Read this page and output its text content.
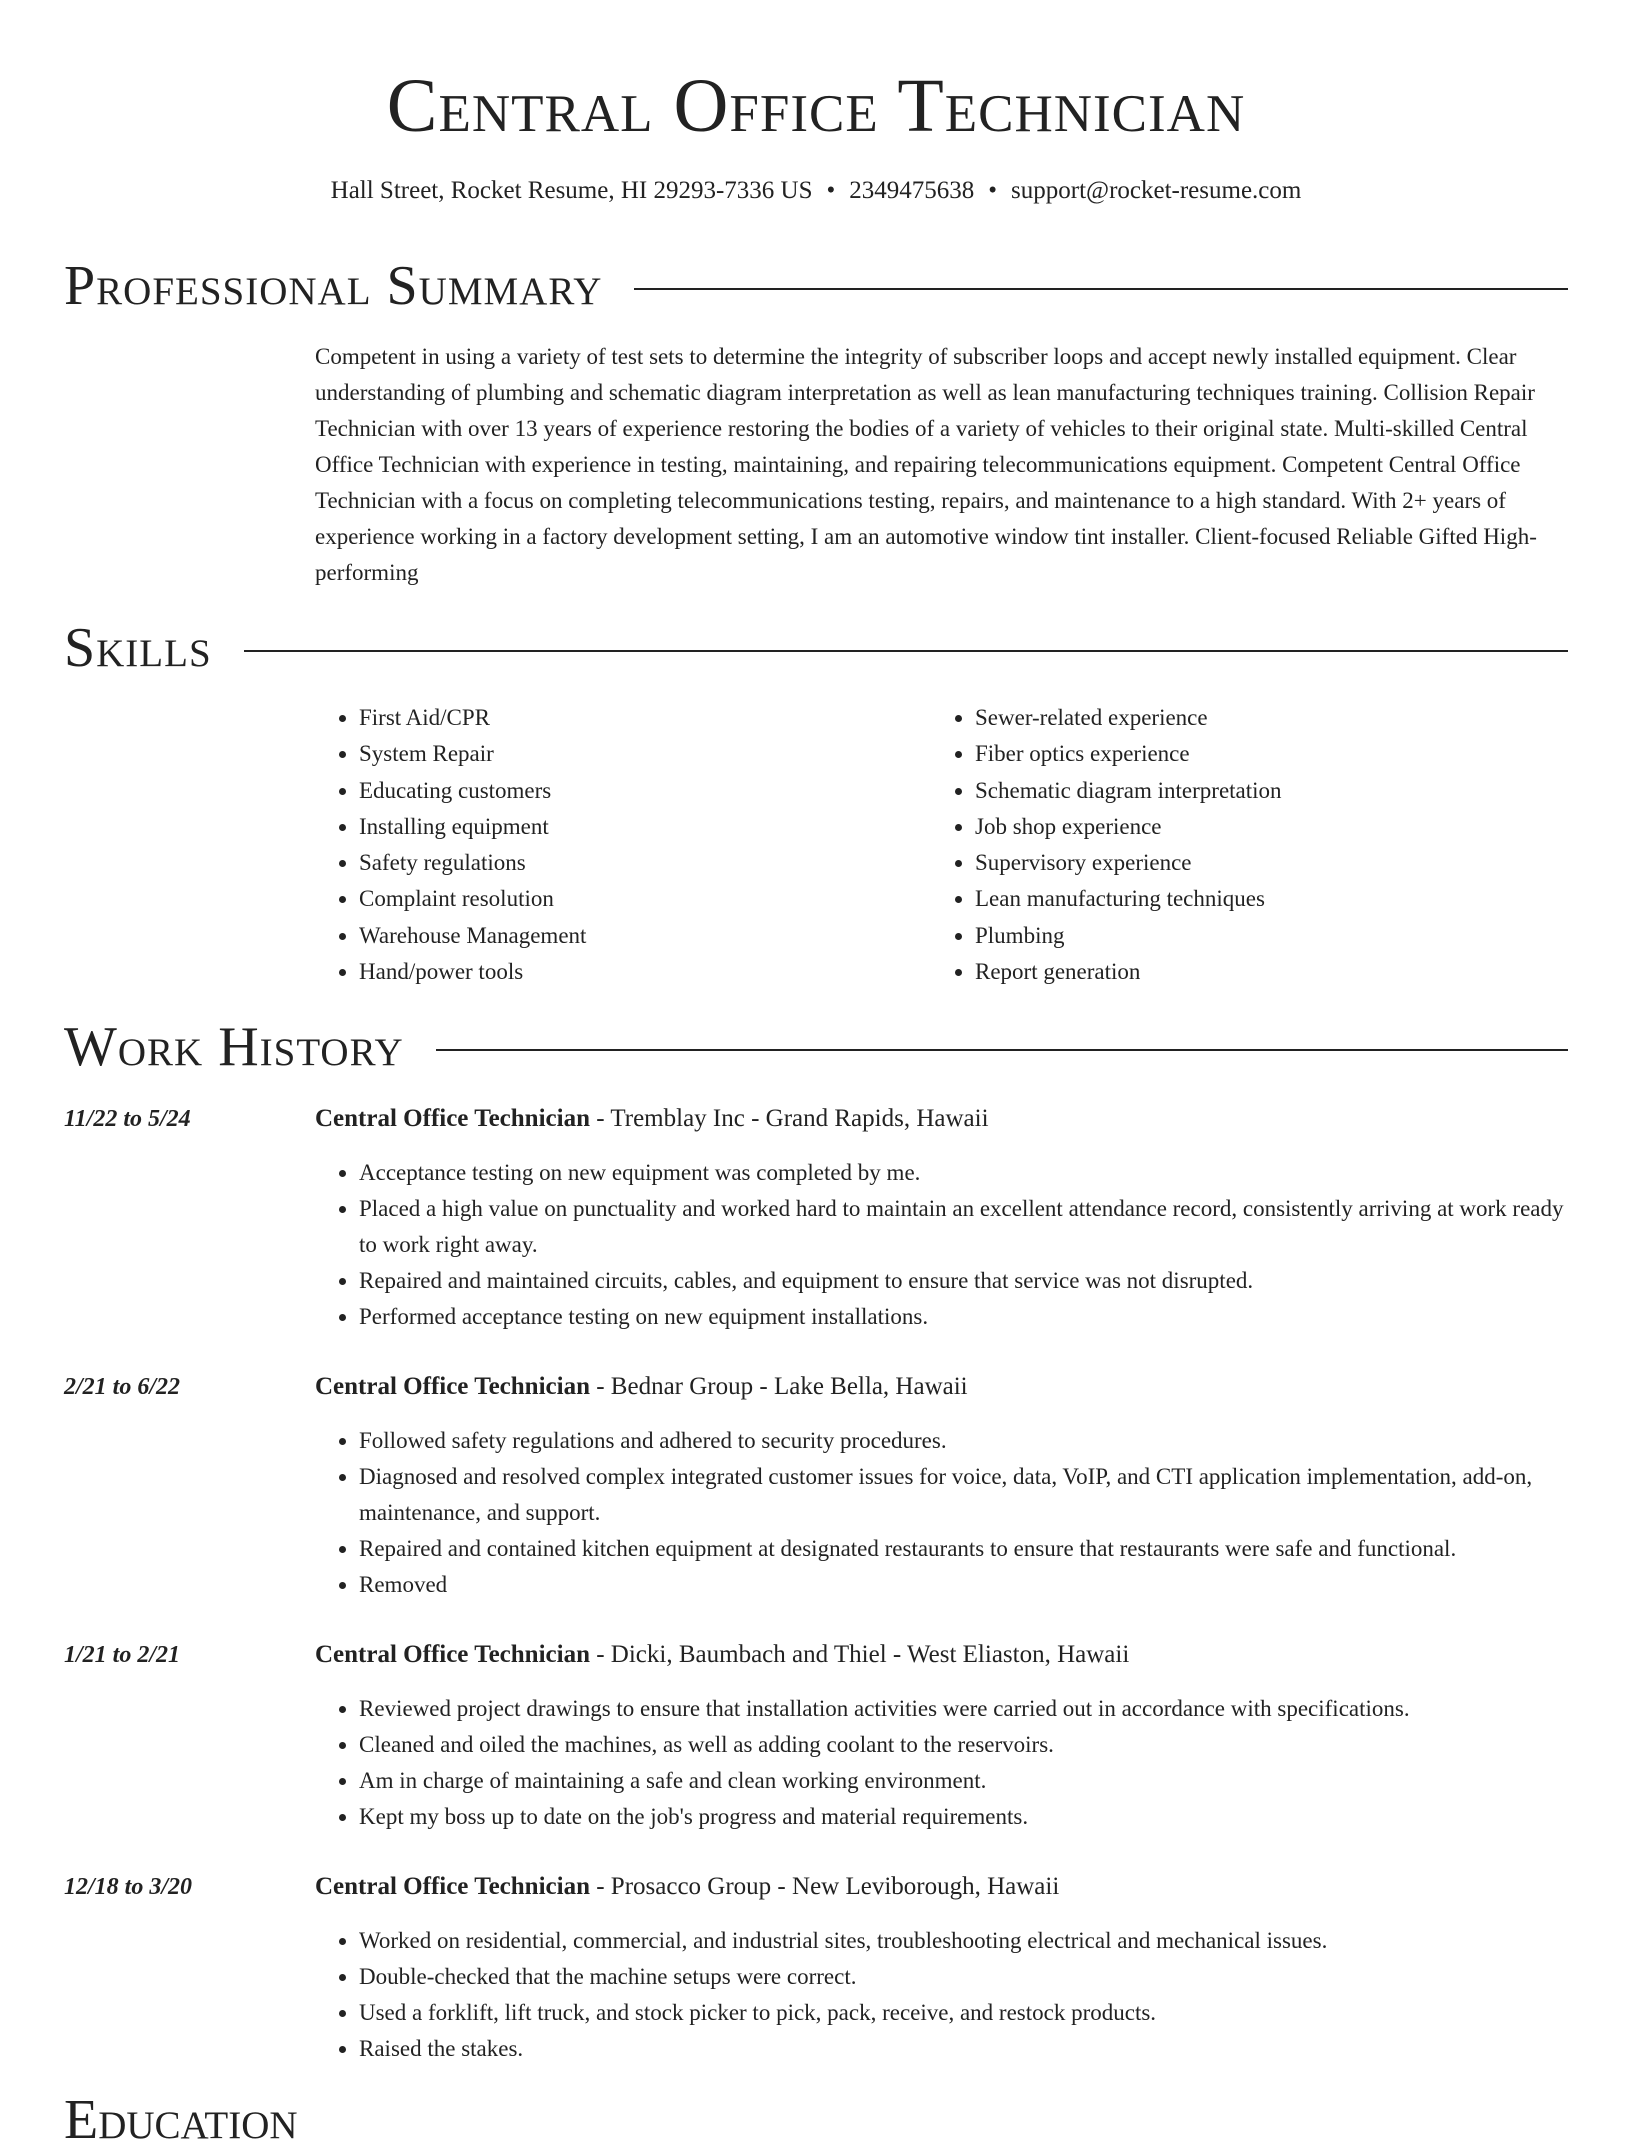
Central Office Technician
Hall Street, Rocket Resume, HI 29293-7336 US • 2349475638 • support@rocket-resume.com
Professional Summary

Competent in using a variety of test sets to determine the integrity of subscriber loops and accept newly installed equipment. Clear understanding of plumbing and schematic diagram interpretation as well as lean manufacturing techniques training. Collision Repair Technician with over 13 years of experience restoring the bodies of a variety of vehicles to their original state. Multi-skilled Central Office Technician with experience in testing, maintaining, and repairing telecommunications equipment. Competent Central Office Technician with a focus on completing telecommunications testing, repairs, and maintenance to a high standard. With 2+ years of experience working in a factory development setting, I am an automotive window tint installer. Client-focused Reliable Gifted High-performing

Skills
• First Aid/CPR
• System Repair
• Educating customers
• Installing equipment
• Safety regulations
• Complaint resolution
• Warehouse Management
• Hand/power tools
• Sewer-related experience
• Fiber optics experience
• Schematic diagram interpretation
• Job shop experience
• Supervisory experience
• Lean manufacturing techniques
• Plumbing
• Report generation
Work History
11/22 to 5/24	Central Office Technician - Tremblay Inc - Grand Rapids, Hawaii
• Acceptance testing on new equipment was completed by me.
• Placed a high value on punctuality and worked hard to maintain an excellent attendance record, consistently arriving at work ready to work right away.
• Repaired and maintained circuits, cables, and equipment to ensure that service was not disrupted.
• Performed acceptance testing on new equipment installations.
2/21 to 6/22	Central Office Technician - Bednar Group - Lake Bella, Hawaii
• Followed safety regulations and adhered to security procedures.
• Diagnosed and resolved complex integrated customer issues for voice, data, VoIP, and CTI application implementation, add-on, maintenance, and support.
• Repaired and contained kitchen equipment at designated restaurants to ensure that restaurants were safe and functional.
• Removed
1/21 to 2/21	Central Office Technician - Dicki, Baumbach and Thiel - West Eliaston, Hawaii
• Reviewed project drawings to ensure that installation activities were carried out in accordance with specifications.
• Cleaned and oiled the machines, as well as adding coolant to the reservoirs.
• Am in charge of maintaining a safe and clean working environment.
• Kept my boss up to date on the job's progress and material requirements.
12/18 to 3/20	Central Office Technician - Prosacco Group - New Leviborough, Hawaii
• Worked on residential, commercial, and industrial sites, troubleshooting electrical and mechanical issues.
• Double-checked that the machine setups were correct.
• Used a forklift, lift truck, and stock picker to pick, pack, receive, and restock products.
• Raised the stakes.
Education
